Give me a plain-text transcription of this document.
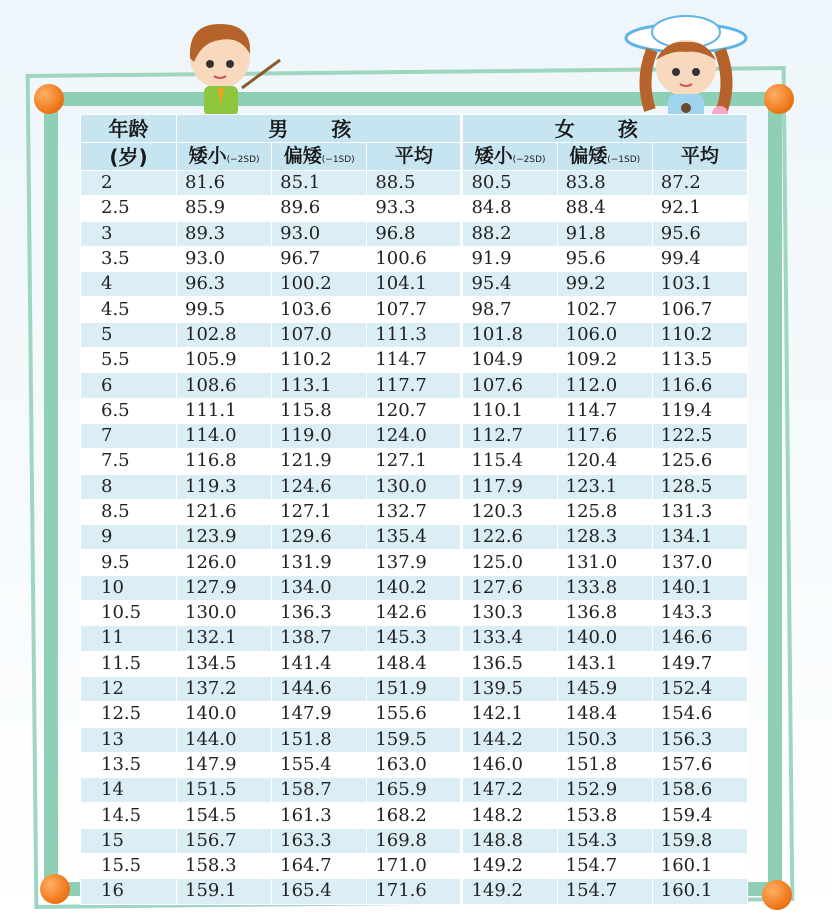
年龄	男 孩			女 孩		
(岁)	矮小(−2SD)	偏矮(−1SD)	平均	矮小(−2SD)	偏矮(−1SD)	平均
2	81.6	85.1	88.5	80.5	83.8	87.2
2.5	85.9	89.6	93.3	84.8	88.4	92.1
3	89.3	93.0	96.8	88.2	91.8	95.6
3.5	93.0	96.7	100.6	91.9	95.6	99.4
4	96.3	100.2	104.1	95.4	99.2	103.1
4.5	99.5	103.6	107.7	98.7	102.7	106.7
5	102.8	107.0	111.3	101.8	106.0	110.2
5.5	105.9	110.2	114.7	104.9	109.2	113.5
6	108.6	113.1	117.7	107.6	112.0	116.6
6.5	111.1	115.8	120.7	110.1	114.7	119.4
7	114.0	119.0	124.0	112.7	117.6	122.5
7.5	116.8	121.9	127.1	115.4	120.4	125.6
8	119.3	124.6	130.0	117.9	123.1	128.5
8.5	121.6	127.1	132.7	120.3	125.8	131.3
9	123.9	129.6	135.4	122.6	128.3	134.1
9.5	126.0	131.9	137.9	125.0	131.0	137.0
10	127.9	134.0	140.2	127.6	133.8	140.1
10.5	130.0	136.3	142.6	130.3	136.8	143.3
11	132.1	138.7	145.3	133.4	140.0	146.6
11.5	134.5	141.4	148.4	136.5	143.1	149.7
12	137.2	144.6	151.9	139.5	145.9	152.4
12.5	140.0	147.9	155.6	142.1	148.4	154.6
13	144.0	151.8	159.5	144.2	150.3	156.3
13.5	147.9	155.4	163.0	146.0	151.8	157.6
14	151.5	158.7	165.9	147.2	152.9	158.6
14.5	154.5	161.3	168.2	148.2	153.8	159.4
15	156.7	163.3	169.8	148.8	154.3	159.8
15.5	158.3	164.7	171.0	149.2	154.7	160.1
16	159.1	165.4	171.6	149.2	154.7	160.1
